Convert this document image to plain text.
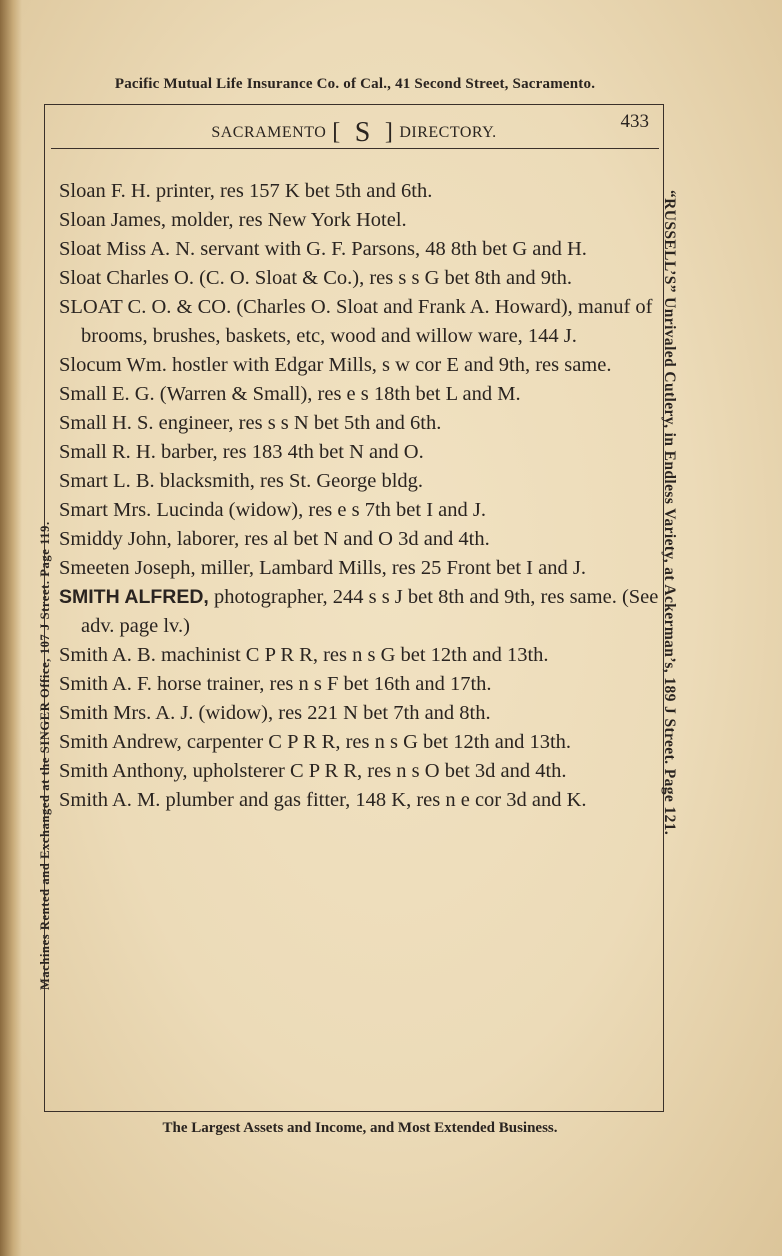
Pacific Mutual Life Insurance Co. of Cal., 41 Second Street, Sacramento.
SACRAMENTO [ S ] DIRECTORY.
433
Sloan F. H. printer, res 157 K bet 5th and 6th.
Sloan James, molder, res New York Hotel.
Sloat Miss A. N. servant with G. F. Parsons, 48 8th bet G and H.
Sloat Charles O. (C. O. Sloat & Co.), res s s G bet 8th and 9th.
SLOAT C. O. & CO. (Charles O. Sloat and Frank A. Howard), manuf of brooms, brushes, baskets, etc, wood and willow ware, 144 J.
Slocum Wm. hostler with Edgar Mills, s w cor E and 9th, res same.
Small E. G. (Warren & Small), res e s 18th bet L and M.
Small H. S. engineer, res s s N bet 5th and 6th.
Small R. H. barber, res 183 4th bet N and O.
Smart L. B. blacksmith, res St. George bldg.
Smart Mrs. Lucinda (widow), res e s 7th bet I and J.
Smiddy John, laborer, res al bet N and O 3d and 4th.
Smeeten Joseph, miller, Lambard Mills, res 25 Front bet I and J.
SMITH ALFRED, photographer, 244 s s J bet 8th and 9th, res same. (See adv. page lv.)
Smith A. B. machinist C P R R, res n s G bet 12th and 13th.
Smith A. F. horse trainer, res n s F bet 16th and 17th.
Smith Mrs. A. J. (widow), res 221 N bet 7th and 8th.
Smith Andrew, carpenter C P R R, res n s G bet 12th and 13th.
Smith Anthony, upholsterer C P R R, res n s O bet 3d and 4th.
Smith A. M. plumber and gas fitter, 148 K, res n e cor 3d and K.
Machines Rented and Exchanged at the SINGER Office, 107 J Street. Page 119.	“RUSSELL’S” Unrivaled Cutlery, in Endless Variety, at Ackerman’s, 189 J Street. Page 121.
The Largest Assets and Income, and Most Extended Business.
